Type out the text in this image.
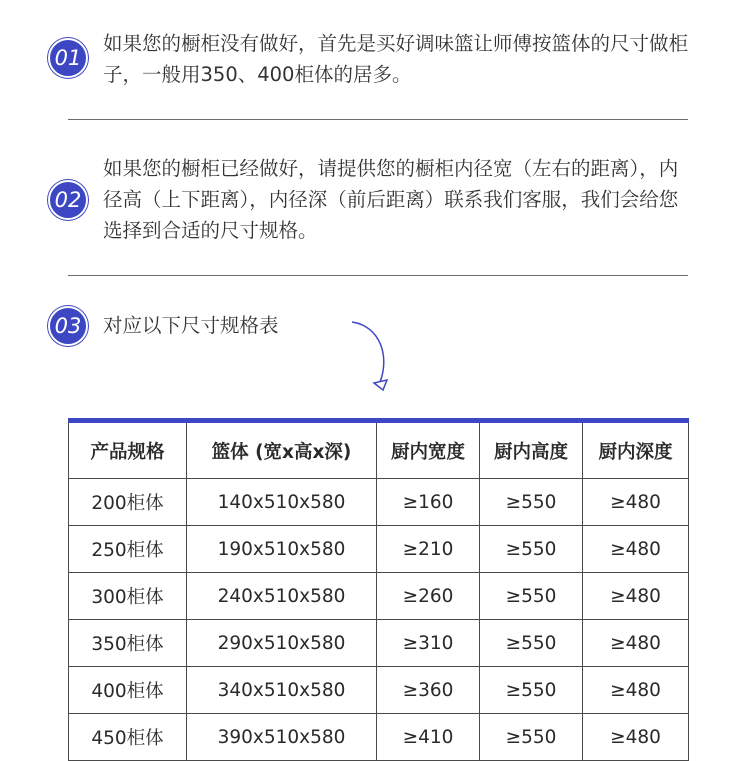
01

如果您的橱柜没有做好，首先是买好调味篮让师傅按篮体的尺寸做柜子，一般用350、400柜体的居多。

02

如果您的橱柜已经做好，请提供您的橱柜内径宽（左右的距离），内径高（上下距离），内径深（前后距离）联系我们客服，我们会给您选择到合适的尺寸规格。

03	对应以下尺寸规格表

产品规格	篮体 (宽x高x深)	厨内宽度	厨内高度	厨内深度
200柜体	140x510x580	≥160	≥550	≥480
250柜体	190x510x580	≥210	≥550	≥480
300柜体	240x510x580	≥260	≥550	≥480
350柜体	290x510x580	≥310	≥550	≥480
400柜体	340x510x580	≥360	≥550	≥480
450柜体	390x510x580	≥410	≥550	≥480
